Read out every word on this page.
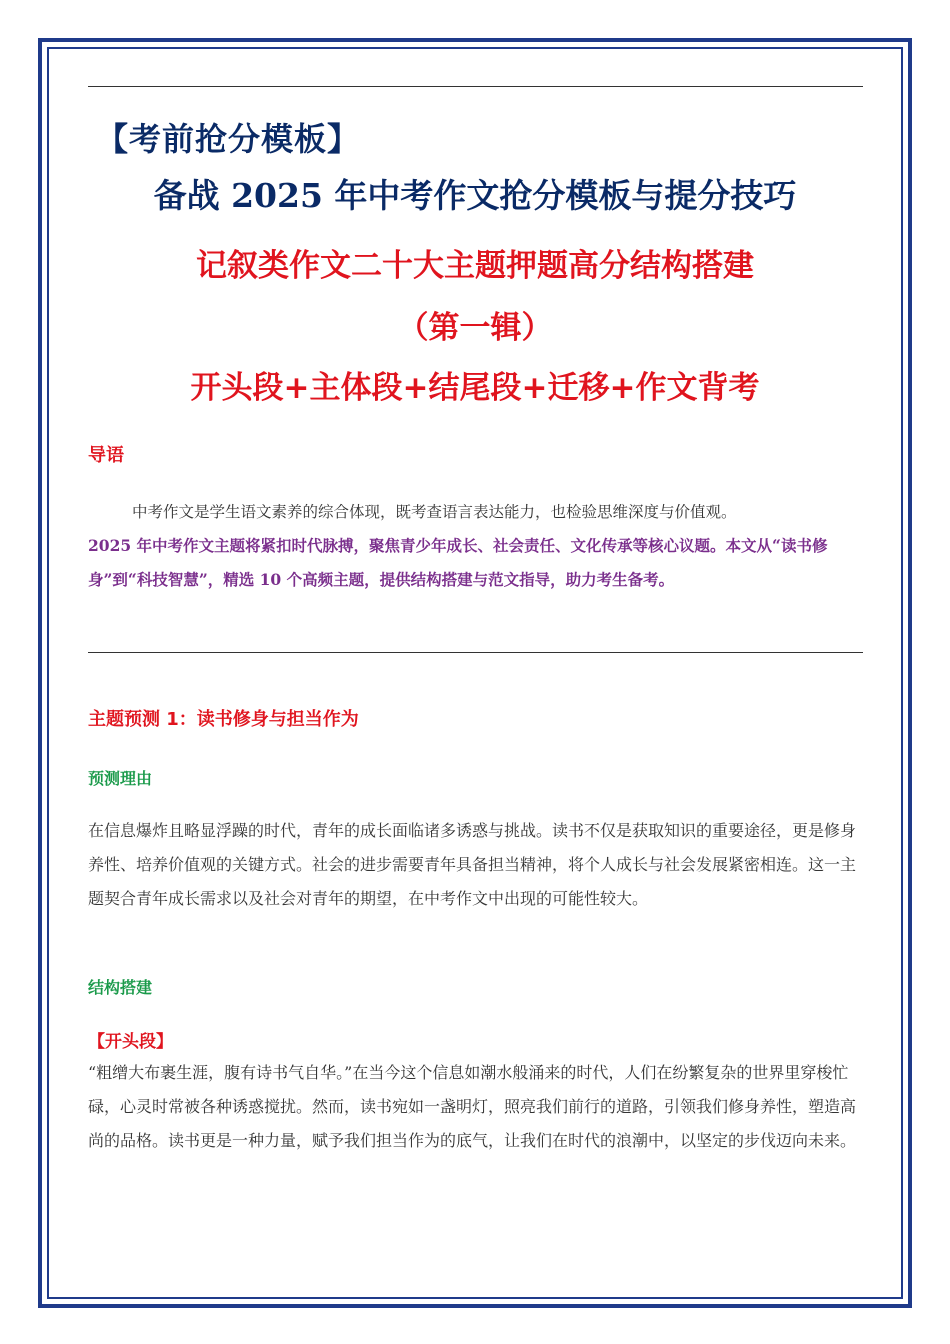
【考前抢分模板】
备战 2025 年中考作文抢分模板与提分技巧
记叙类作文二十大主题押题高分结构搭建
（第一辑）
开头段+主体段+结尾段+迁移+作文背考
导语
中考作文是学生语文素养的综合体现，既考查语言表达能力，也检验思维深度与价值观。
2025 年中考作文主题将紧扣时代脉搏，聚焦青少年成长、社会责任、文化传承等核心议题。本文从“读书修身”到“科技智慧”，精选 10 个高频主题，提供结构搭建与范文指导，助力考生备考。
主题预测 1：读书修身与担当作为
预测理由
在信息爆炸且略显浮躁的时代，青年的成长面临诸多诱惑与挑战。读书不仅是获取知识的重要途径，更是修身养性、培养价值观的关键方式。社会的进步需要青年具备担当精神，将个人成长与社会发展紧密相连。这一主题契合青年成长需求以及社会对青年的期望，在中考作文中出现的可能性较大。
结构搭建
【开头段】
“粗缯大布裹生涯，腹有诗书气自华。”在当今这个信息如潮水般涌来的时代，人们在纷繁复杂的世界里穿梭忙碌，心灵时常被各种诱惑搅扰。然而，读书宛如一盏明灯，照亮我们前行的道路，引领我们修身养性，塑造高尚的品格。读书更是一种力量，赋予我们担当作为的底气，让我们在时代的浪潮中，以坚定的步伐迈向未来。
